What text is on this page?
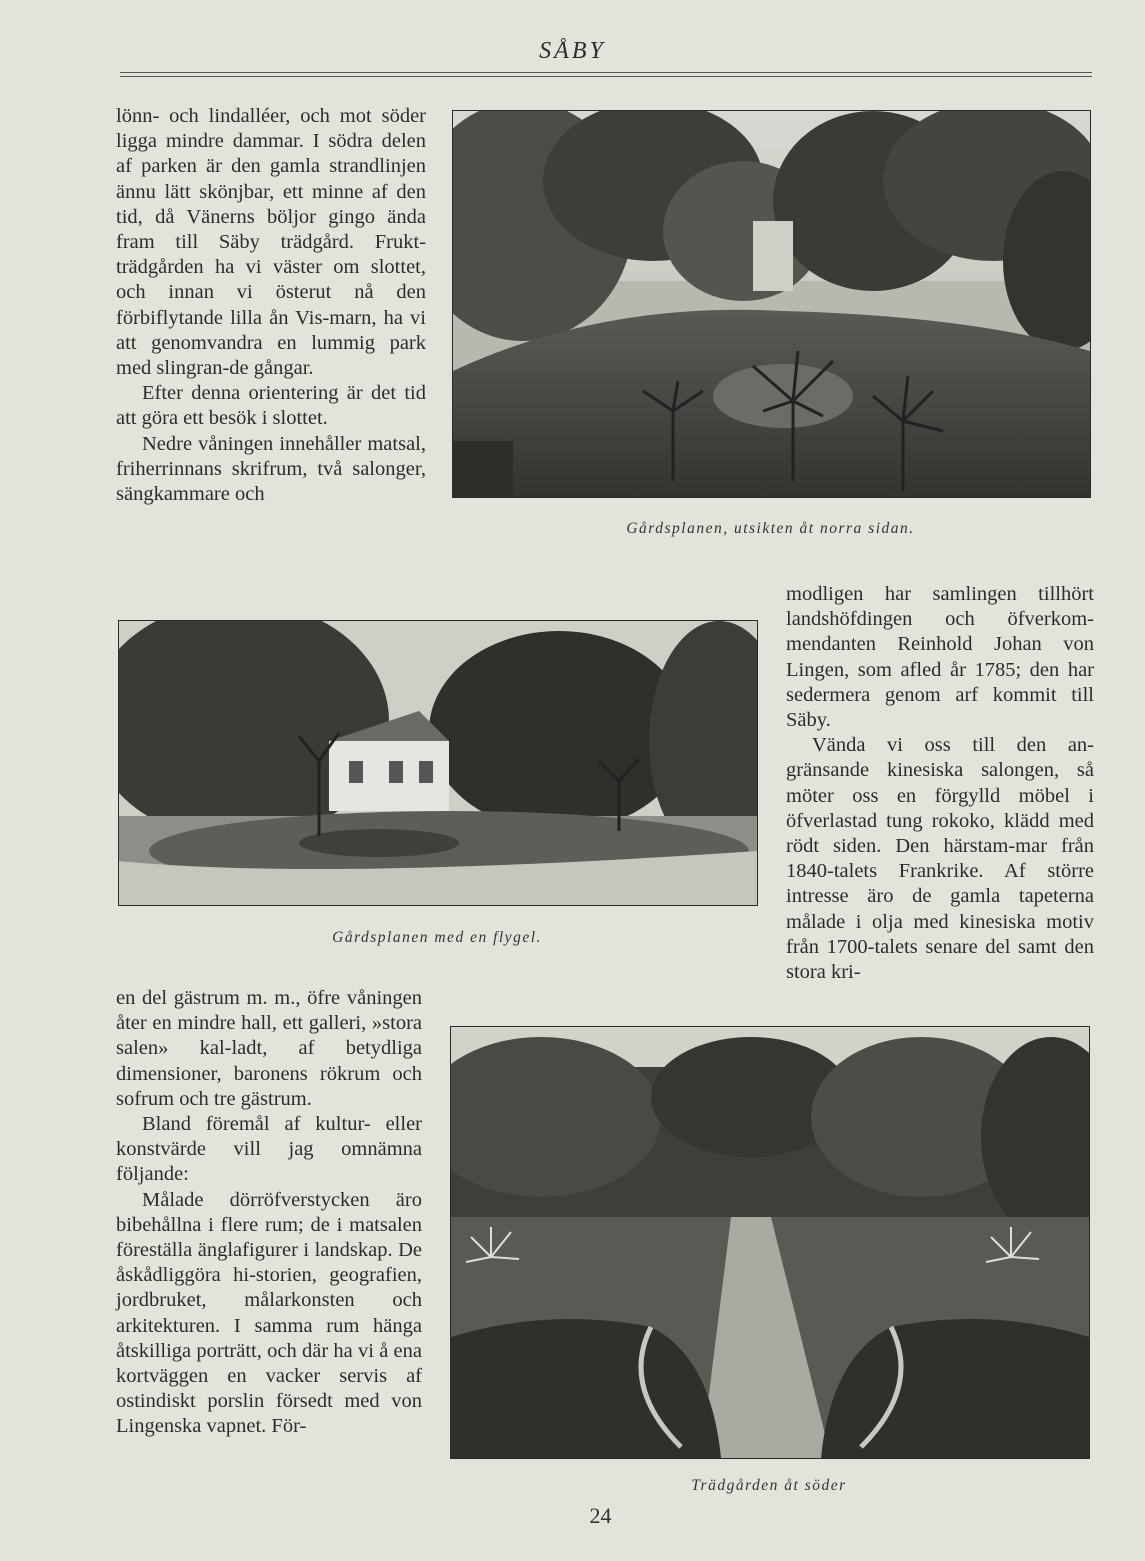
SÅBY

lönn- och lindalléer, och mot söder ligga mindre dammar. I södra delen af parken är den gamla strandlinjen ännu lätt skönjbar, ett minne af den tid, då Vänerns böljor gingo ända fram till Säby trädgård. Frukt-trädgården ha vi väster om slottet, och innan vi österut nå den förbiflytande lilla ån Vis-marn, ha vi att genomvandra en lummig park med slingran-de gångar.

Efter denna orientering är det tid att göra ett besök i slottet.

Nedre våningen innehåller matsal, friherrinnans skrifrum, två salonger, sängkammare och

Gårdsplanen, utsikten åt norra sidan.
Gårdsplanen med en flygel.

modligen har samlingen tillhört landshöfdingen och öfverkom-mendanten Reinhold Johan von Lingen, som afled år 1785; den har sedermera genom arf kommit till Säby.

Vända vi oss till den an-gränsande kinesiska salongen, så möter oss en förgylld möbel i öfverlastad tung rokoko, klädd med rödt siden. Den härstam-mar från 1840-talets Frankrike. Af större intresse äro de gamla tapeterna målade i olja med kinesiska motiv från 1700-talets senare del samt den stora kri-

en del gästrum m. m., öfre våningen åter en mindre hall, ett galleri, »stora salen» kal-ladt, af betydliga dimensioner, baronens rökrum och sofrum och tre gästrum.

Bland föremål af kultur- eller konstvärde vill jag omnämna följande:

Målade dörröfverstycken äro bibehållna i flere rum; de i matsalen föreställa änglafigurer i landskap. De åskådliggöra hi-storien, geografien, jordbruket, målarkonsten och arkitekturen. I samma rum hänga åtskilliga porträtt, och där ha vi å ena kortväggen en vacker servis af ostindiskt porslin försedt med von Lingenska vapnet. För-

Trädgården åt söder
24
